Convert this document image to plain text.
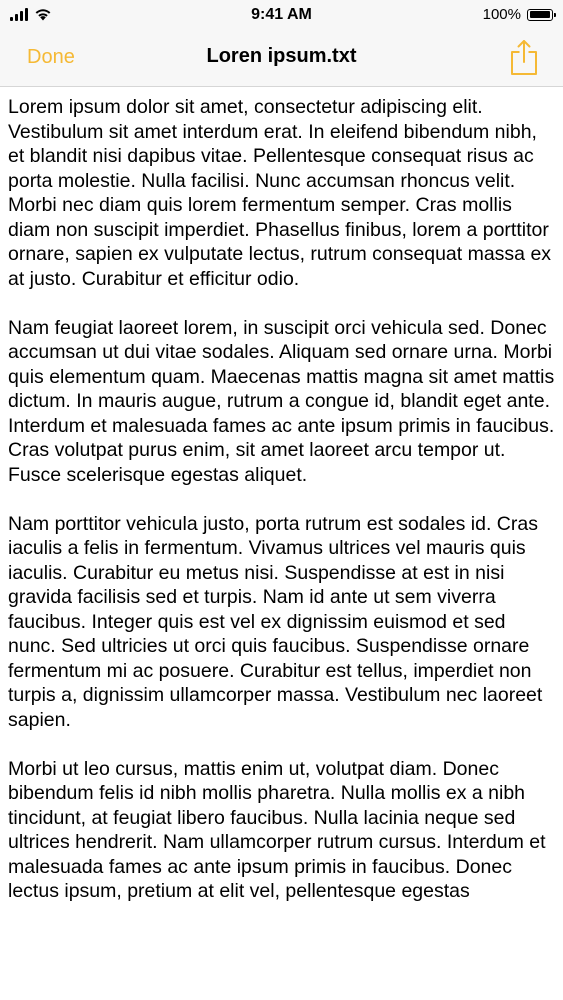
9:41 AM	100%
Done	Loren ipsum.txt

Lorem ipsum dolor sit amet, consectetur adipiscing elit. Vestibulum sit amet interdum erat. In eleifend bibendum nibh, et blandit nisi dapibus vitae. Pellentesque consequat risus ac porta molestie. Nulla facilisi. Nunc accumsan rhoncus velit. Morbi nec diam quis lorem fermentum semper. Cras mollis diam non suscipit imperdiet. Phasellus finibus, lorem a porttitor ornare, sapien ex vulputate lectus, rutrum consequat massa ex at justo. Curabitur et efficitur odio.

Nam feugiat laoreet lorem, in suscipit orci vehicula sed. Donec accumsan ut dui vitae sodales. Aliquam sed ornare urna. Morbi quis elementum quam. Maecenas mattis magna sit amet mattis dictum. In mauris augue, rutrum a congue id, blandit eget ante. Interdum et malesuada fames ac ante ipsum primis in faucibus. Cras volutpat purus enim, sit amet laoreet arcu tempor ut. Fusce scelerisque egestas aliquet.

Nam porttitor vehicula justo, porta rutrum est sodales id. Cras iaculis a felis in fermentum. Vivamus ultrices vel mauris quis iaculis. Curabitur eu metus nisi. Suspendisse at est in nisi gravida facilisis sed et turpis. Nam id ante ut sem viverra faucibus. Integer quis est vel ex dignissim euismod et sed nunc. Sed ultricies ut orci quis faucibus. Suspendisse ornare fermentum mi ac posuere. Curabitur est tellus, imperdiet non turpis a, dignissim ullamcorper massa. Vestibulum nec laoreet sapien.

Morbi ut leo cursus, mattis enim ut, volutpat diam. Donec bibendum felis id nibh mollis pharetra. Nulla mollis ex a nibh tincidunt, at feugiat libero faucibus. Nulla lacinia neque sed ultrices hendrerit. Nam ullamcorper rutrum cursus. Interdum et malesuada fames ac ante ipsum primis in faucibus. Donec lectus ipsum, pretium at elit vel, pellentesque egestas
